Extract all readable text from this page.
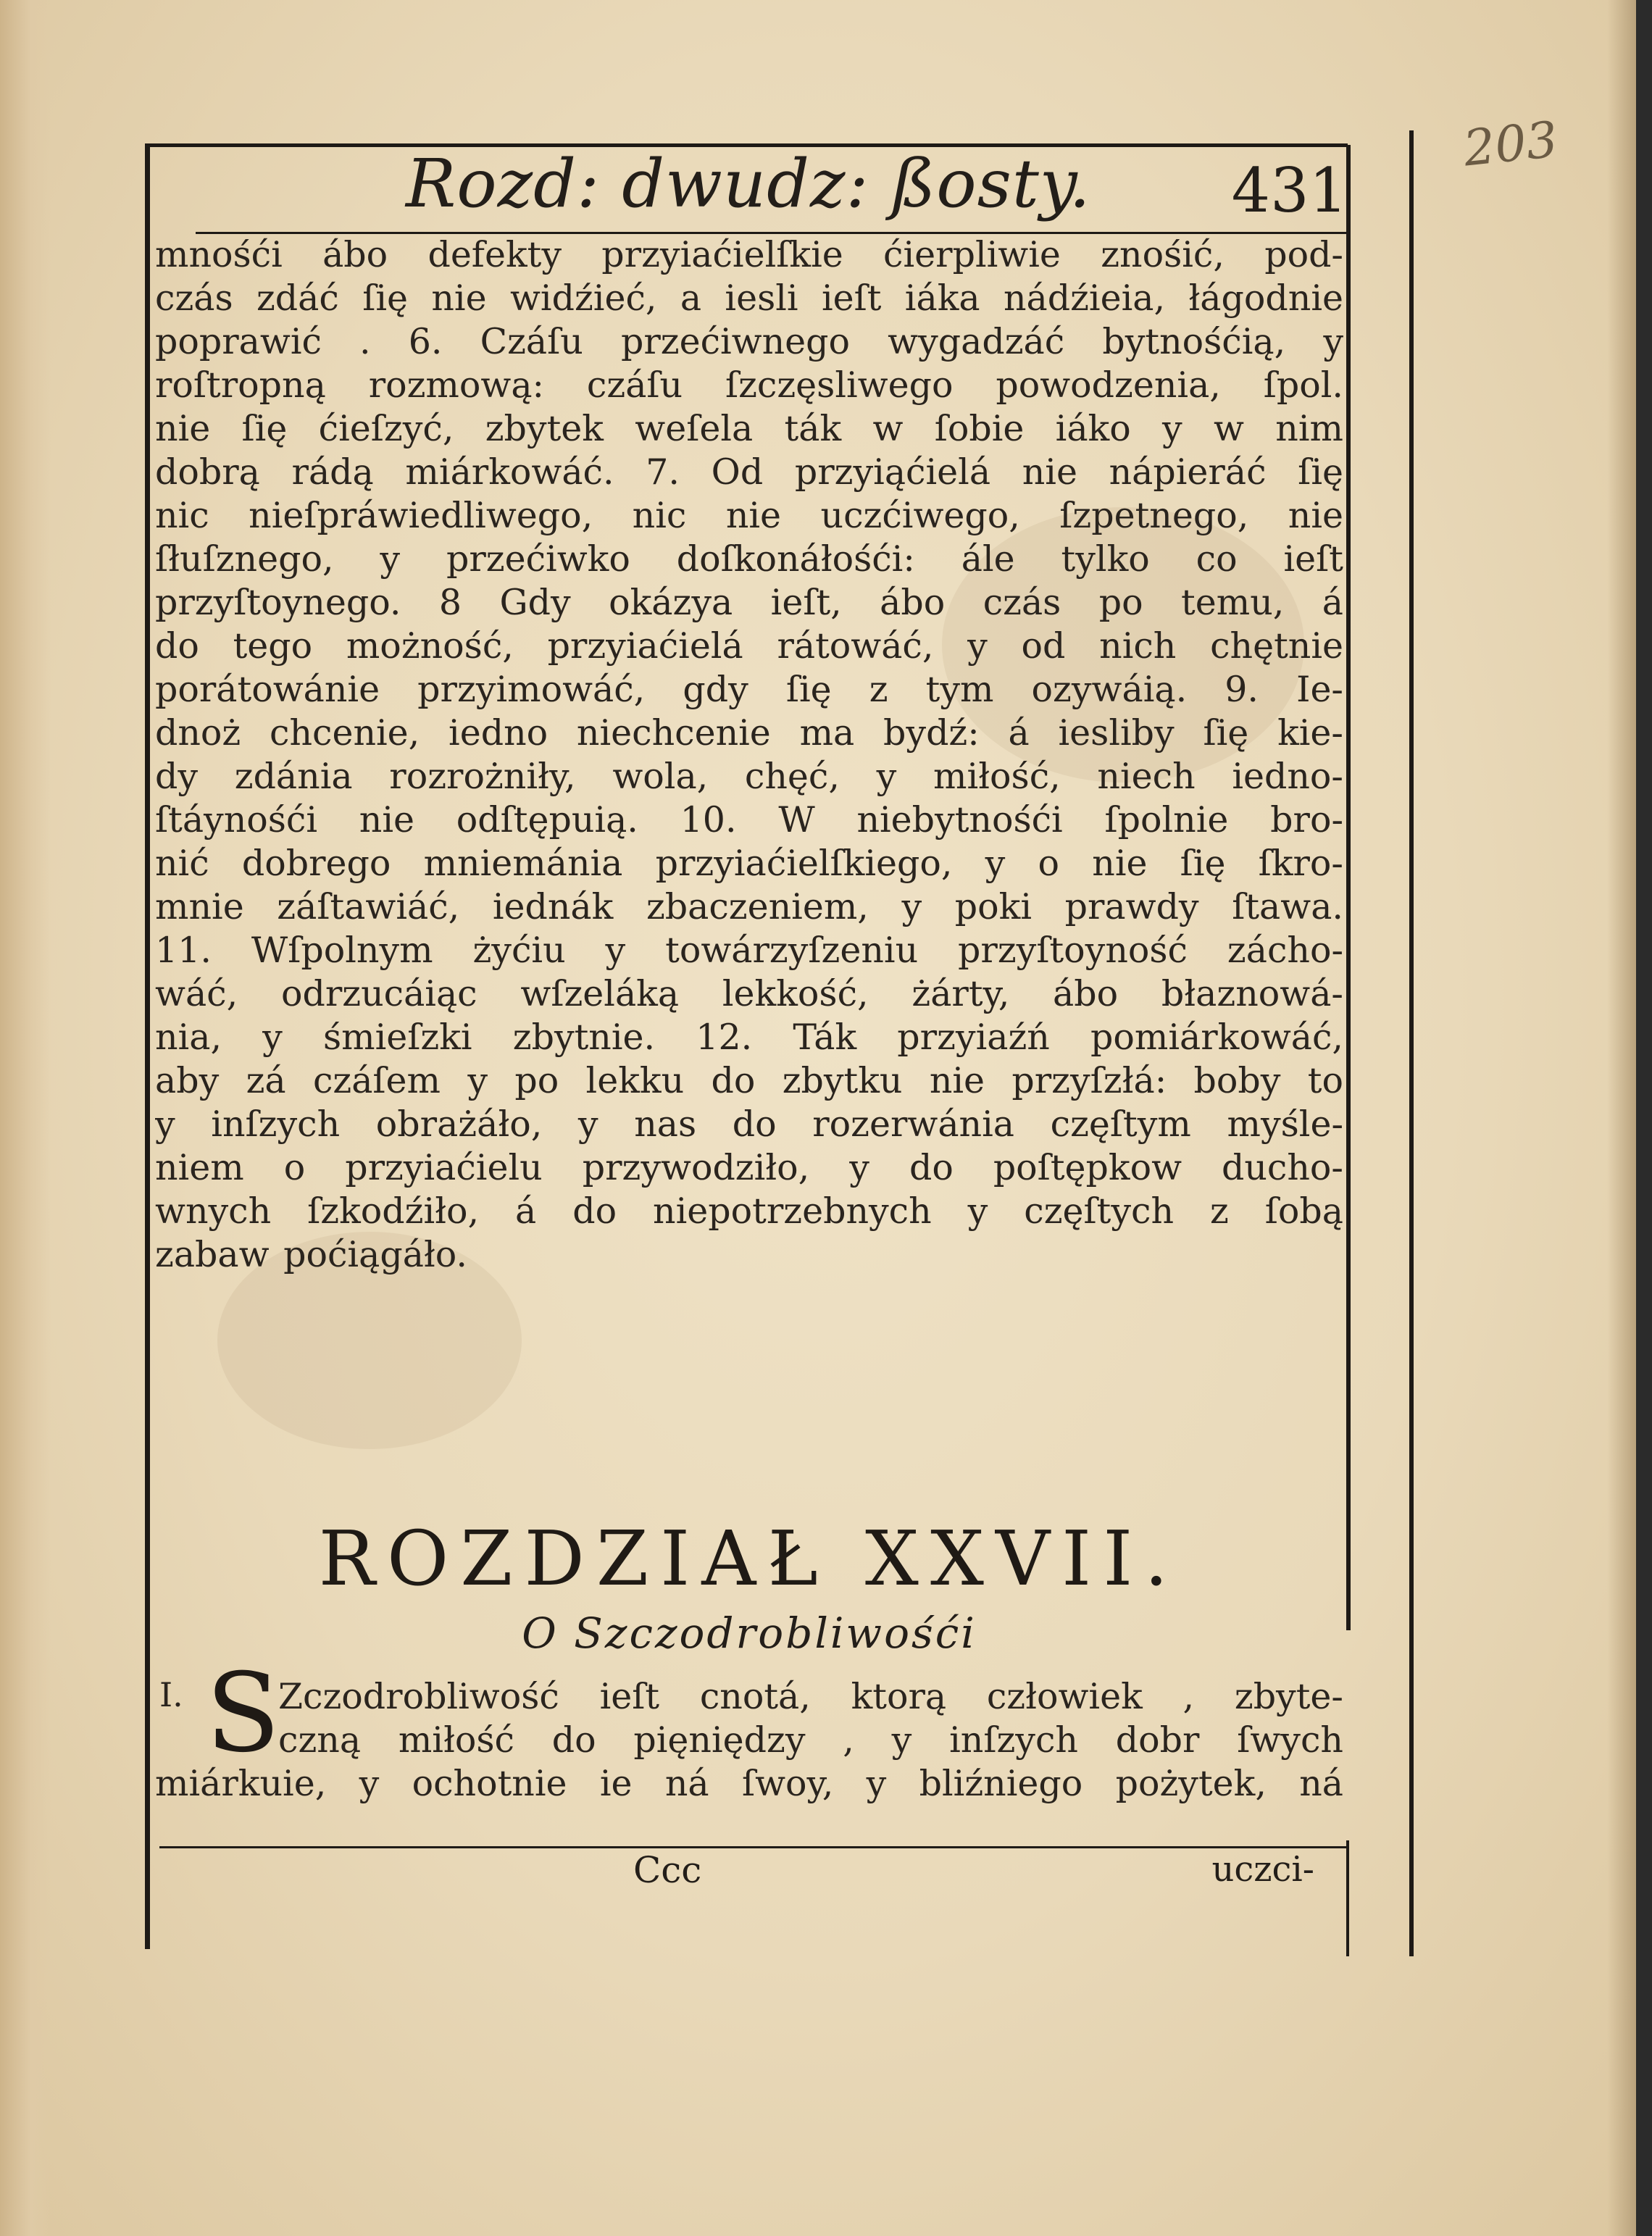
203
Rozd: dwudz: ßosty. 431
mnośći ábo defekty przyiaćielſkie ćierpliwie znośić, pod-
czás zdáć ſię nie widźieć, a iesli ieſt iáka nádźieia, łágodnie
poprawić . 6. Czáſu przećiwnego wygadzáć bytnośćią, y
roſtropną rozmową: czáſu ſzczęsliwego powodzenia, ſpol.
nie ſię ćieſzyć, zbytek weſela ták w ſobie iáko y w nim
dobrą rádą miárkowáć. 7. Od przyiąćielá nie nápieráć ſię
nic nieſpráwiedliwego, nic nie uczćiwego, ſzpetnego, nie
ſłuſznego, y przećiwko doſkonáłośći: ále tylko co ieſt
przyſtoynego. 8 Gdy okázya ieſt, ábo czás po temu, á
do tego możność, przyiaćielá rátowáć, y od nich chętnie
porátowánie przyimowáć, gdy ſię z tym ozywáią. 9. Ie-
dnoż chcenie, iedno niechcenie ma bydź: á iesliby ſię kie-
dy zdánia rozrożniły, wola, chęć, y miłość, niech iedno-
ſtáynośći nie odſtępuią. 10. W niebytnośći ſpolnie bro-
nić dobrego mniemánia przyiaćielſkiego, y o nie ſię ſkro-
mnie záſtawiáć, iednák zbaczeniem, y poki prawdy ſtawa.
11. Wſpolnym żyćiu y towárzyſzeniu przyſtoyność zácho-
wáć, odrzucáiąc wſzeláką lekkość, żárty, ábo błaznowá-
nia, y śmieſzki zbytnie. 12. Ták przyiaźń pomiárkowáć,
aby zá czáſem y po lekku do zbytku nie przyſzłá: boby to
y inſzych obrażáło, y nas do rozerwánia częſtym myśle-
niem o przyiaćielu przywodziło, y do poſtępkow ducho-
wnych ſzkodźiło, á do niepotrzebnych y częſtych z ſobą
zabaw poćiągáło.
ROZDZIAŁ XXVII.
O Szczodrobliwośći
I. S
Zczodrobliwość ieſt cnotá, ktorą człowiek , zbyte-
czną miłość do pięniędzy , y inſzych dobr ſwych
miárkuie, y ochotnie ie ná ſwoy, y bliźniego pożytek, ná
Ccc	uczci-
